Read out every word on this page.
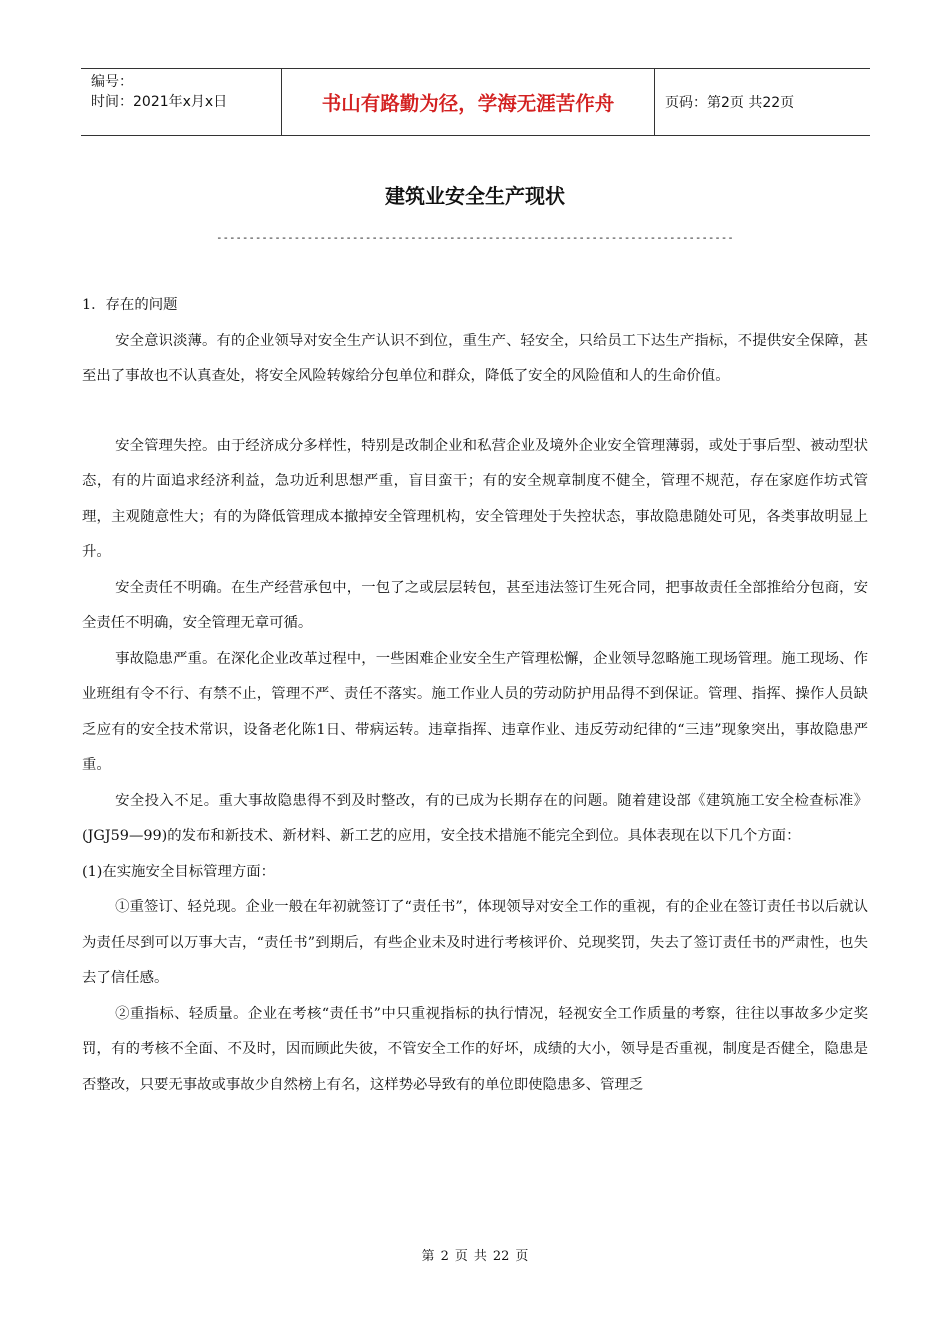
编号：
时间：2021年x月x日	书山有路勤为径，学海无涯苦作舟	页码：第2页 共22页
建筑业安全生产现状
--------------------------------------------------------------------------------

1．存在的问题

安全意识淡薄。有的企业领导对安全生产认识不到位，重生产、轻安全，只给员工下达生产指标，不提供安全保障，甚至出了事故也不认真查处，将安全风险转嫁给分包单位和群众，降低了安全的风险值和人的生命价值。

安全管理失控。由于经济成分多样性，特别是改制企业和私营企业及境外企业安全管理薄弱，或处于事后型、被动型状态，有的片面追求经济利益，急功近利思想严重，盲目蛮干；有的安全规章制度不健全，管理不规范，存在家庭作坊式管理，主观随意性大；有的为降低管理成本撤掉安全管理机构，安全管理处于失控状态，事故隐患随处可见，各类事故明显上升。

安全责任不明确。在生产经营承包中，一包了之或层层转包，甚至违法签订生死合同，把事故责任全部推给分包商，安全责任不明确，安全管理无章可循。

事故隐患严重。在深化企业改革过程中，一些困难企业安全生产管理松懈，企业领导忽略施工现场管理。施工现场、作业班组有令不行、有禁不止，管理不严、责任不落实。施工作业人员的劳动防护用品得不到保证。管理、指挥、操作人员缺乏应有的安全技术常识，设备老化陈1日、带病运转。违章指挥、违章作业、违反劳动纪律的“三违”现象突出，事故隐患严重。

安全投入不足。重大事故隐患得不到及时整改，有的已成为长期存在的问题。随着建设部《建筑施工安全检查标准》(JGJ59—99)的发布和新技术、新材料、新工艺的应用，安全技术措施不能完全到位。具体表现在以下几个方面：

(1)在实施安全目标管理方面：

①重签订、轻兑现。企业一般在年初就签订了“责任书”，体现领导对安全工作的重视，有的企业在签订责任书以后就认为责任尽到可以万事大吉，“责任书”到期后，有些企业未及时进行考核评价、兑现奖罚，失去了签订责任书的严肃性，也失去了信任感。

②重指标、轻质量。企业在考核“责任书”中只重视指标的执行情况，轻视安全工作质量的考察，往往以事故多少定奖罚，有的考核不全面、不及时，因而顾此失彼，不管安全工作的好坏，成绩的大小，领导是否重视，制度是否健全，隐患是否整改，只要无事故或事故少自然榜上有名，这样势必导致有的单位即使隐患多、管理乏

第 2 页 共 22 页
